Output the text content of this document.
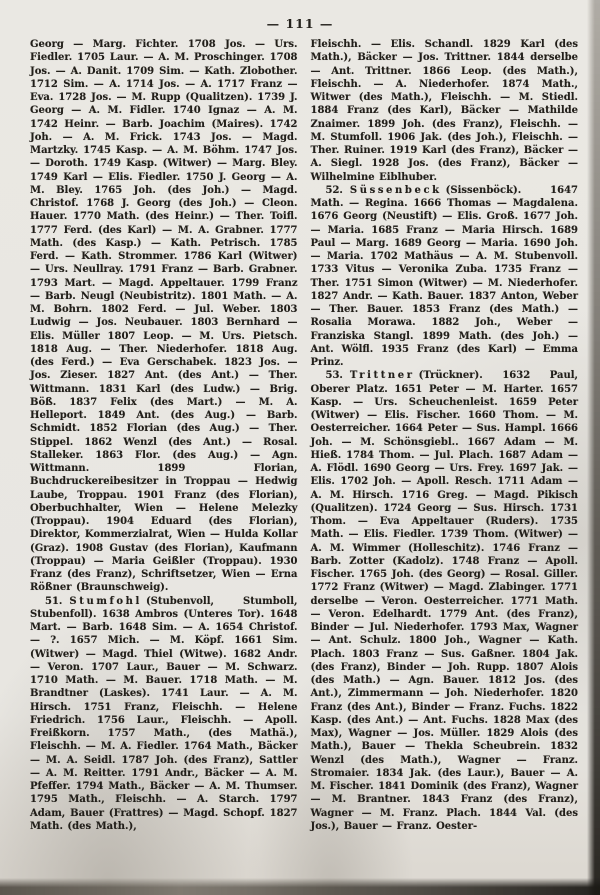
— 111 —

Georg — Marg. Fichter. 1708 Jos. — Urs. Fiedler. 1705 Laur. — A. M. Proschinger. 1708 Jos. — A. Danit. 1709 Sim. — Kath. Zlobother. 1712 Sim. — A. 1714 Jos. — A. 1717 Franz — Eva. 1728 Jos. — M. Rupp (Qualitzen). 1739 J. Georg — A. M. Fidler. 1740 Ignaz — A. M. 1742 Heinr. — Barb. Joachim (Maires). 1742 Joh. — A. M. Frick. 1743 Jos. — Magd. Martzky. 1745 Kasp. — A. M. Böhm. 1747 Jos. — Doroth. 1749 Kasp. (Witwer) — Marg. Bley. 1749 Karl — Elis. Fiedler. 1750 J. Georg — A. M. Bley. 1765 Joh. (des Joh.) — Magd. Christof. 1768 J. Georg (des Joh.) — Cleon. Hauer. 1770 Math. (des Heinr.) — Ther. Toifl. 1777 Ferd. (des Karl) — M. A. Grabner. 1777 Math. (des Kasp.) — Kath. Petrisch. 1785 Ferd. — Kath. Strommer. 1786 Karl (Witwer) — Urs. Neullray. 1791 Franz — Barb. Grabner. 1793 Mart. — Magd. Appeltauer. 1799 Franz — Barb. Neugl (Neubistritz). 1801 Math. — A. M. Bohrn. 1802 Ferd. — Jul. Weber. 1803 Ludwig — Jos. Neubauer. 1803 Bernhard — Elis. Müller 1807 Leop. — M. Urs. Pietsch. 1818 Aug. — Ther. Niederhofer. 1818 Aug. (des Ferd.) — Eva Gerschabek. 1823 Jos. — Jos. Zieser. 1827 Ant. (des Ant.) — Ther. Wittmann. 1831 Karl (des Ludw.) — Brig. Böß. 1837 Felix (des Mart.) — M. A. Helleport. 1849 Ant. (des Aug.) — Barb. Schmidt. 1852 Florian (des Aug.) — Ther. Stippel. 1862 Wenzl (des Ant.) — Rosal. Stalleker. 1863 Flor. (des Aug.) — Agn. Wittmann. 1899 Florian, Buchdruckereibesitzer in Troppau — Hedwig Laube, Troppau. 1901 Franz (des Florian), Oberbuchhalter, Wien — Helene Melezky (Troppau). 1904 Eduard (des Florian), Direktor, Kommerzialrat, Wien — Hulda Kollar (Graz). 1908 Gustav (des Florian), Kaufmann (Troppau) — Maria Geißler (Troppau). 1930 Franz (des Franz), Schriftsetzer, Wien — Erna Rößner (Braunschweig).

51. Stumfohl (Stubenvoll, Stumboll, Stubenfoll). 1638 Ambros (Unteres Tor). 1648 Mart. — Barb. 1648 Sim. — A. 1654 Christof. — ?. 1657 Mich. — M. Köpf. 1661 Sim. (Witwer) — Magd. Thiel (Witwe). 1682 Andr. — Veron. 1707 Laur., Bauer — M. Schwarz. 1710 Math. — M. Bauer. 1718 Math. — M. Brandtner (Laskes). 1741 Laur. — A. M. Hirsch. 1751 Franz, Fleischh. — Helene Friedrich. 1756 Laur., Fleischh. — Apoll. Freißkorn. 1757 Math., (des Mathä.), Fleischh. — M. A. Fiedler. 1764 Math., Bäcker — M. A. Seidl. 1787 Joh. (des Franz), Sattler — A. M. Reitter. 1791 Andr., Bäcker — A. M. Pfeffer. 1794 Math., Bäcker — A. M. Thumser. 1795 Math., Fleischh. — A. Starch. 1797 Adam, Bauer (Frattres) — Magd. Schopf. 1827 Math. (des Math.),

Fleischh. — Elis. Schandl. 1829 Karl (des Math.), Bäcker — Jos. Trittner. 1844 derselbe — Ant. Trittner. 1866 Leop. (des Math.), Fleischh. — A. Niederhofer. 1874 Math., Witwer (des Math.), Fleischh. — M. Stiedl. 1884 Franz (des Karl), Bäcker — Mathilde Znaimer. 1899 Joh. (des Franz), Fleischh. — M. Stumfoll. 1906 Jak. (des Joh.), Fleischh. — Ther. Ruiner. 1919 Karl (des Franz), Bäcker — A. Siegl. 1928 Jos. (des Franz), Bäcker — Wilhelmine Eiblhuber.

52. Süssenbeck (Sissenböck). 1647 Math. — Regina. 1666 Thomas — Magdalena. 1676 Georg (Neustift) — Elis. Groß. 1677 Joh. — Maria. 1685 Franz — Maria Hirsch. 1689 Paul — Marg. 1689 Georg — Maria. 1690 Joh. — Maria. 1702 Mathäus — A. M. Stubenvoll. 1733 Vitus — Veronika Zuba. 1735 Franz — Ther. 1751 Simon (Witwer) — M. Niederhofer. 1827 Andr. — Kath. Bauer. 1837 Anton, Weber — Ther. Bauer. 1853 Franz (des Math.) — Rosalia Morawa. 1882 Joh., Weber — Franziska Stangl. 1899 Math. (des Joh.) — Ant. Wölfl. 1935 Franz (des Karl) — Emma Prinz.

53. Trittner (Trückner). 1632 Paul, Oberer Platz. 1651 Peter — M. Harter. 1657 Kasp. — Urs. Scheuchenleist. 1659 Peter (Witwer) — Elis. Fischer. 1660 Thom. — M. Oesterreicher. 1664 Peter — Sus. Hampl. 1666 Joh. — M. Schönsgiebl.. 1667 Adam — M. Hieß. 1784 Thom. — Jul. Plach. 1687 Adam — A. Flödl. 1690 Georg — Urs. Frey. 1697 Jak. — Elis. 1702 Joh. — Apoll. Resch. 1711 Adam — A. M. Hirsch. 1716 Greg. — Magd. Pikisch (Qualitzen). 1724 Georg — Sus. Hirsch. 1731 Thom. — Eva Appeltauer (Ruders). 1735 Math. — Elis. Fiedler. 1739 Thom. (Witwer) — A. M. Wimmer (Holleschitz). 1746 Franz — Barb. Zotter (Kadolz). 1748 Franz — Apoll. Fischer. 1765 Joh. (des Georg) — Rosal. Giller. 1772 Franz (Witwer) — Magd. Zlabinger. 1771 derselbe — Veron. Oesterreicher. 1771 Math. — Veron. Edelhardt. 1779 Ant. (des Franz), Binder — Jul. Niederhofer. 1793 Max, Wagner — Ant. Schulz. 1800 Joh., Wagner — Kath. Plach. 1803 Franz — Sus. Gaßner. 1804 Jak. (des Franz), Binder — Joh. Rupp. 1807 Alois (des Math.) — Agn. Bauer. 1812 Jos. (des Ant.), Zimmermann — Joh. Niederhofer. 1820 Franz (des Ant.), Binder — Franz. Fuchs. 1822 Kasp. (des Ant.) — Ant. Fuchs. 1828 Max (des Max), Wagner — Jos. Müller. 1829 Alois (des Math.), Bauer — Thekla Scheubrein. 1832 Wenzl (des Math.), Wagner — Franz. Stromaier. 1834 Jak. (des Laur.), Bauer — A. M. Fischer. 1841 Dominik (des Franz), Wagner — M. Brantner. 1843 Franz (des Franz), Wagner — M. Franz. Plach. 1844 Val. (des Jos.), Bauer — Franz. Oester-
